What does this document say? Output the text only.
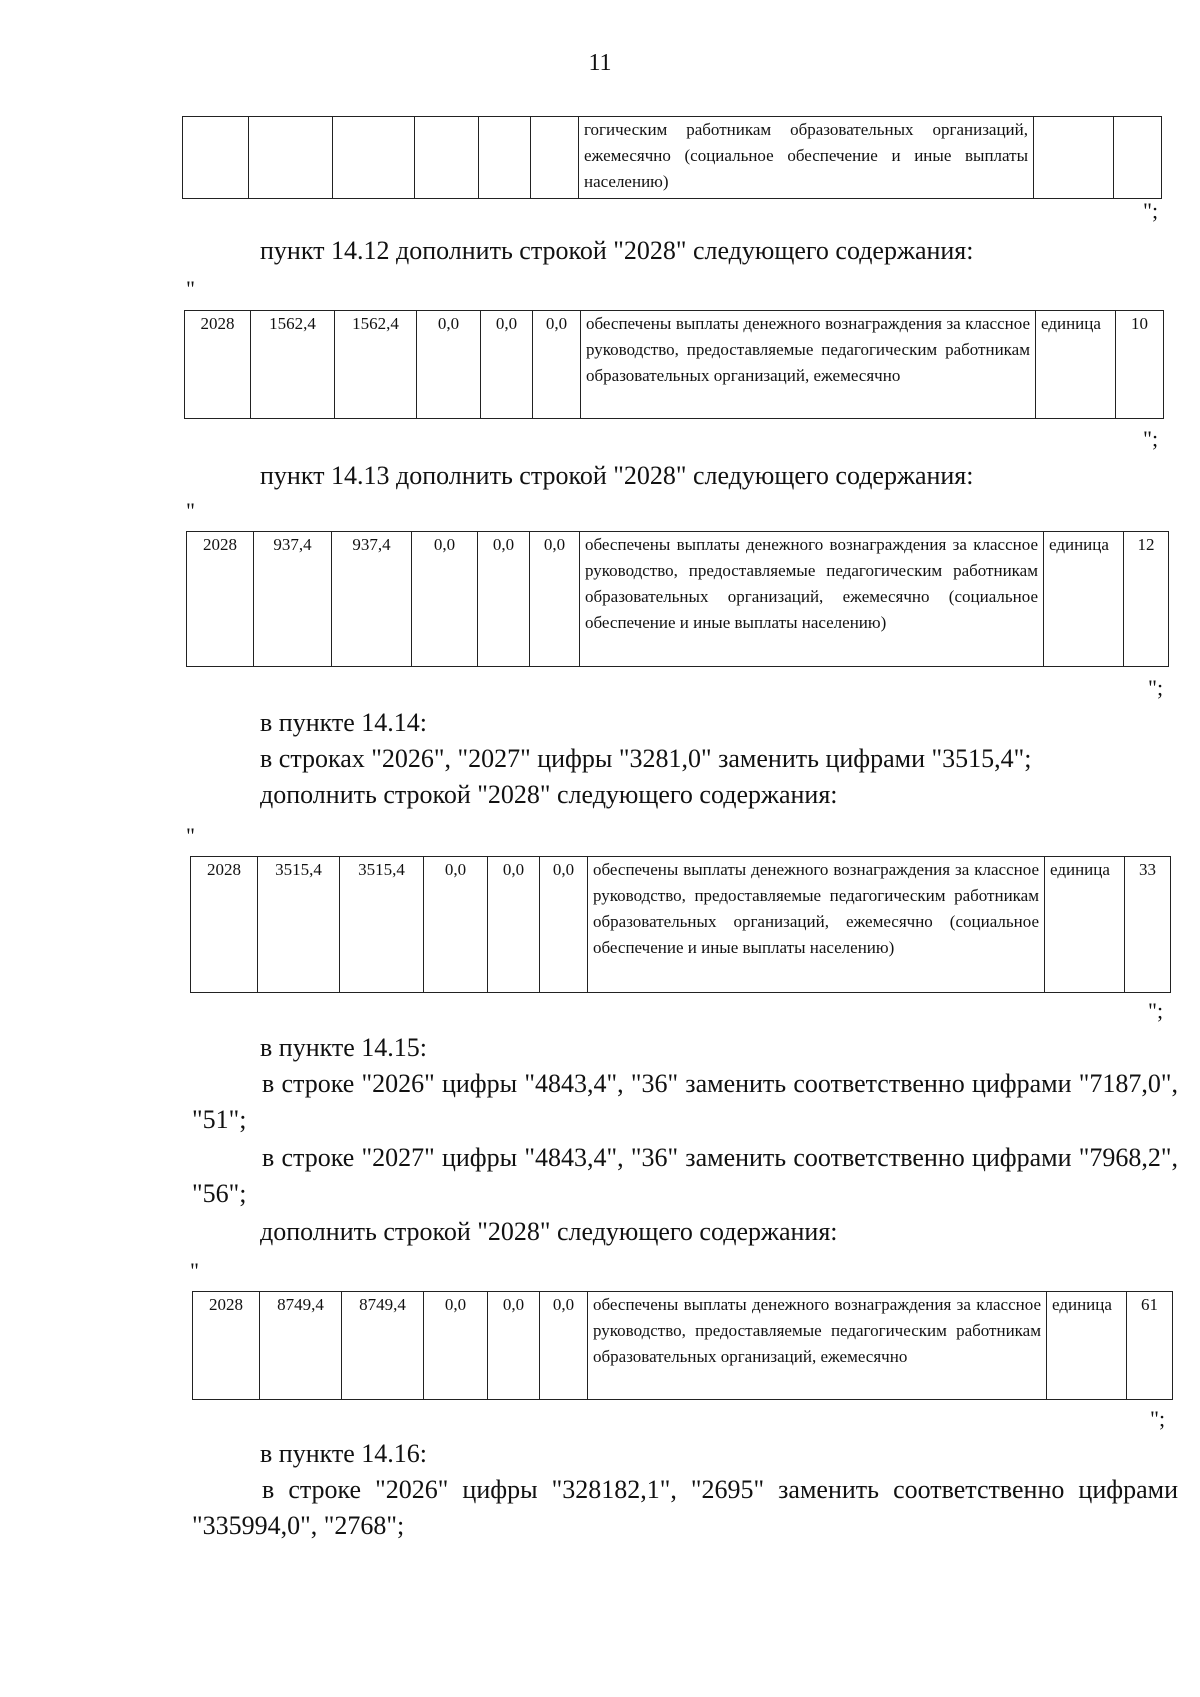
11
						гогическим работникам образовательных организаций, ежемесячно (социальное обеспечение и иные выплаты населению)		
";

пункт 14.12 дополнить строкой "2028" следующего содержания:

"
2028	1562,4	1562,4	0,0	0,0	0,0	обеспечены выплаты денежного вознаграждения за классное руководство, предоставляемые педагогическим работникам образовательных организаций, ежемесячно	единица	10
";

пункт 14.13 дополнить строкой "2028" следующего содержания:

"
2028	937,4	937,4	0,0	0,0	0,0	обеспечены выплаты денежного вознаграждения за классное руководство, предоставляемые педагогическим работникам образовательных организаций, ежемесячно (социальное обеспечение и иные выплаты населению)	единица	12
";

в пункте 14.14:

в строках "2026", "2027" цифры "3281,0" заменить цифрами "3515,4";

дополнить строкой "2028" следующего содержания:

"
2028	3515,4	3515,4	0,0	0,0	0,0	обеспечены выплаты денежного вознаграждения за классное руководство, предоставляемые педагогическим работникам образовательных организаций, ежемесячно (социальное обеспечение и иные выплаты населению)	единица	33
";

в пункте 14.15:

в строке "2026" цифры "4843,4", "36" заменить соответственно цифрами "7187,0", "51";

в строке "2027" цифры "4843,4", "36" заменить соответственно цифрами "7968,2", "56";

дополнить строкой "2028" следующего содержания:

"
2028	8749,4	8749,4	0,0	0,0	0,0	обеспечены выплаты денежного вознаграждения за классное руководство, предоставляемые педагогическим работникам образовательных организаций, ежемесячно	единица	61
";

в пункте 14.16:

в строке "2026" цифры "328182,1", "2695" заменить соответственно цифрами "335994,0", "2768";
